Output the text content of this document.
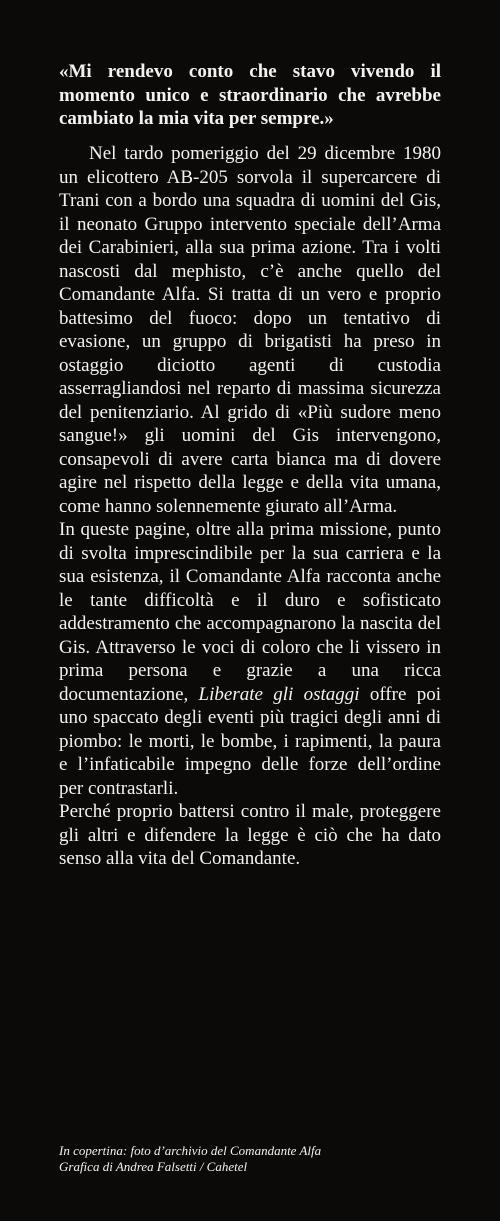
«Mi rendevo conto che stavo vivendo il momento unico e straordinario che avrebbe cambiato la mia vita per sempre.»

Nel tardo pomeriggio del 29 dicembre 1980 un elicottero AB-205 sorvola il supercarcere di Trani con a bordo una squadra di uomini del Gis, il neonato Gruppo intervento speciale dell’Arma dei Carabinieri, alla sua prima azione. Tra i volti nascosti dal mephisto, c’è anche quello del Comandante Alfa. Si tratta di un vero e proprio battesimo del fuoco: dopo un tentativo di evasione, un gruppo di brigatisti ha preso in ostaggio diciotto agenti di custodia asserragliandosi nel reparto di massima sicurezza del penitenziario. Al grido di «Più sudore meno sangue!» gli uomini del Gis intervengono, consapevoli di avere carta bianca ma di dovere agire nel rispetto della legge e della vita umana, come hanno solennemente giurato all’Arma.

In queste pagine, oltre alla prima missione, punto di svolta imprescindibile per la sua carriera e la sua esistenza, il Comandante Alfa racconta anche le tante difficoltà e il duro e sofisticato addestramento che accompagnarono la nascita del Gis. Attraverso le voci di coloro che li vissero in prima persona e grazie a una ricca documentazione, Liberate gli ostaggi offre poi uno spaccato degli eventi più tragici degli anni di piombo: le morti, le bombe, i rapimenti, la paura e l’infaticabile impegno delle forze dell’ordine per contrastarli.

Perché proprio battersi contro il male, proteggere gli altri e difendere la legge è ciò che ha dato senso alla vita del Comandante.

In copertina: foto d’archivio del Comandante Alfa
Grafica di Andrea Falsetti / Cahetel
